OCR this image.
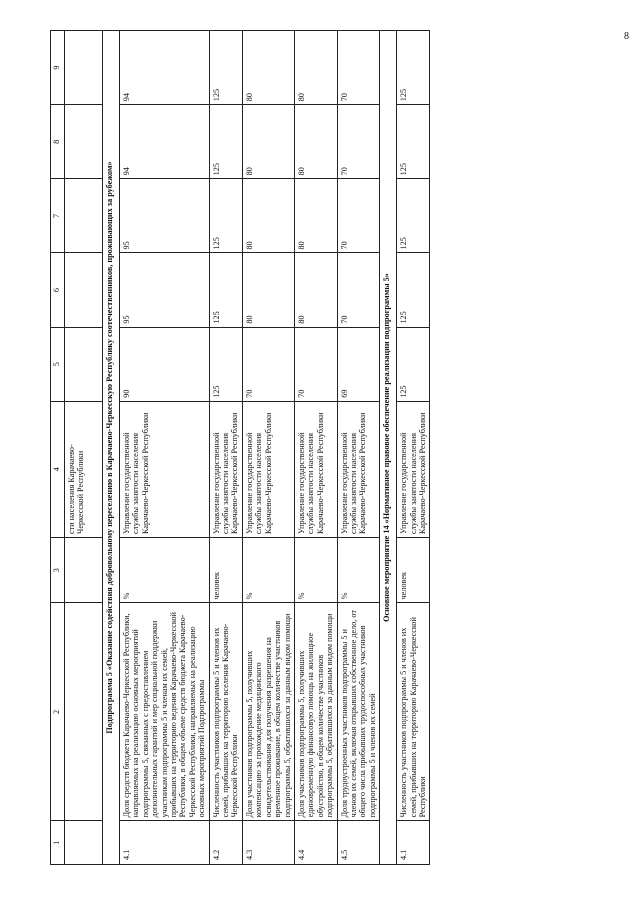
8
1	2	3	4	5	6	7	8	9
			сти населения Карачаево-Черкесской Республики					
Подпрограмма 5 «Оказание содействия добровольному переселению в Карачаево-Черкесскую Республику соотечественников, проживающих за рубежом»								
4.1	Доля средств бюджета Карачаево-Черкесской Республики, направляемых на реализацию основных мероприятий подпрограммы 5, связанных с предоставлением дополнительных гарантий и мер социальной поддержки участникам подпрограммы 5 и членам их семей, прибывших на территорию ведения Карачаево-Черкесской Республики, в общем объеме средств бюджета Карачаево-Черкесской Республики, направляемых на реализацию основных мероприятий Подпрограммы	%	Управление государственной службы занятости населения Карачаево-Черкесской Республики	90	95	95	94	94
4.2	Численность участников подпрограммы 5 и членов их семей, прибывших на территорию вселения Карачаево-Черкесской Республики	человек	Управление государственной службы занятости населения Карачаево-Черкесской Республики	125	125	125	125	125
4.3	Доля участников подпрограммы 5, получивших компенсацию за прохождение медицинского освидетельствования для получения разрешения на временное проживание, в общем количестве участников подпрограммы 5, обратившихся за данным видом помощи	%	Управление государственной службы занятости населения Карачаево-Черкесской Республики	70	80	80	80	80
4.4	Доля участников подпрограммы 5, получивших единовременную финансовую помощь на жилищное обустройство, в общем количестве участников подпрограммы 5, обратившихся за данным видом помощи	%	Управление государственной службы занятости населения Карачаево-Черкесской Республики	70	80	80	80	80
4.5	Доля трудоустроенных участников подпрограммы 5 и членов их семей, включая открывших собственное дело, от общего числа прибывших трудоспособных участников подпрограммы 5 и членов их семей	%	Управление государственной службы занятости населения Карачаево-Черкесской Республики	69	70	70	70	70
Основное мероприятие 14 «Нормативное правовое обеспечение реализации подпрограммы 5»								
4.1	Численность участников подпрограммы 5 и членов их семей, прибывших на территорию Карачаево-Черкесской Республики	человек	Управление государственной службы занятости населения Карачаево-Черкесской Республики	125	125	125	125	125
